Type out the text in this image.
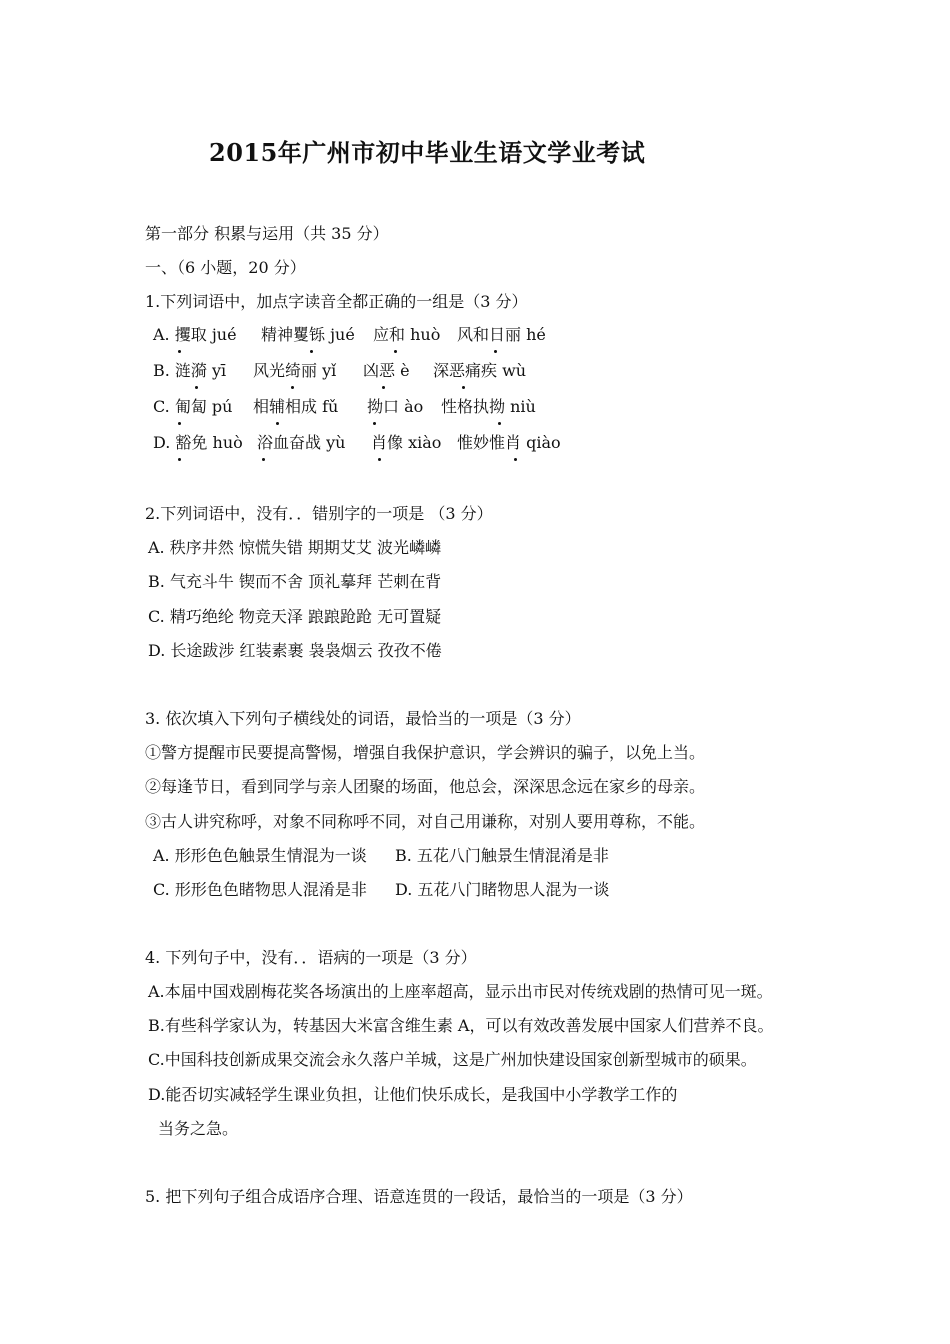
2015年广州市初中毕业生语文学业考试
第一部分 积累与运用（共 35 分）
一、（6 小题，20 分）
1.下列词语中，加点字读音全都正确的一组是（3 分）
A. 攫取 jué 精神矍铄 jué 应和 huò 风和日丽 hé
B. 涟漪 yī 风光绮丽 yǐ 凶恶 è 深恶痛疾 wù
C. 匍匐 pú 相辅相成 fǔ 拗口 ào 性格执拗 niù
D. 豁免 huò 浴血奋战 yù 肖像 xiào 惟妙惟肖 qiào
2.下列词语中，没有．．错别字的一项是 （3 分）
A. 秩序井然 惊慌失错 期期艾艾 波光嶙嶙
B. 气充斗牛 锲而不舍 顶礼摹拜 芒刺在背
C. 精巧绝纶 物竞天泽 踉踉跄跄 无可置疑
D. 长途跋涉 红装素裹 袅袅烟云 孜孜不倦
3. 依次填入下列句子横线处的词语，最恰当的一项是（3 分）
①警方提醒市民要提高警惕，增强自我保护意识，学会辨识的骗子，以免上当。
②每逢节日，看到同学与亲人团聚的场面，他总会，深深思念远在家乡的母亲。
③古人讲究称呼，对象不同称呼不同，对自己用谦称，对别人要用尊称，不能。
A. 形形色色触景生情混为一谈 B. 五花八门触景生情混淆是非
C. 形形色色睹物思人混淆是非 D. 五花八门睹物思人混为一谈
4. 下列句子中，没有．．语病的一项是（3 分）
A.本届中国戏剧梅花奖各场演出的上座率超高，显示出市民对传统戏剧的热情可见一斑。
B.有些科学家认为，转基因大米富含维生素 A，可以有效改善发展中国家人们营养不良。
C.中国科技创新成果交流会永久落户羊城，这是广州加快建设国家创新型城市的硕果。
D.能否切实减轻学生课业负担，让他们快乐成长，是我国中小学教学工作的
当务之急。
5. 把下列句子组合成语序合理、语意连贯的一段话，最恰当的一项是（3 分）
